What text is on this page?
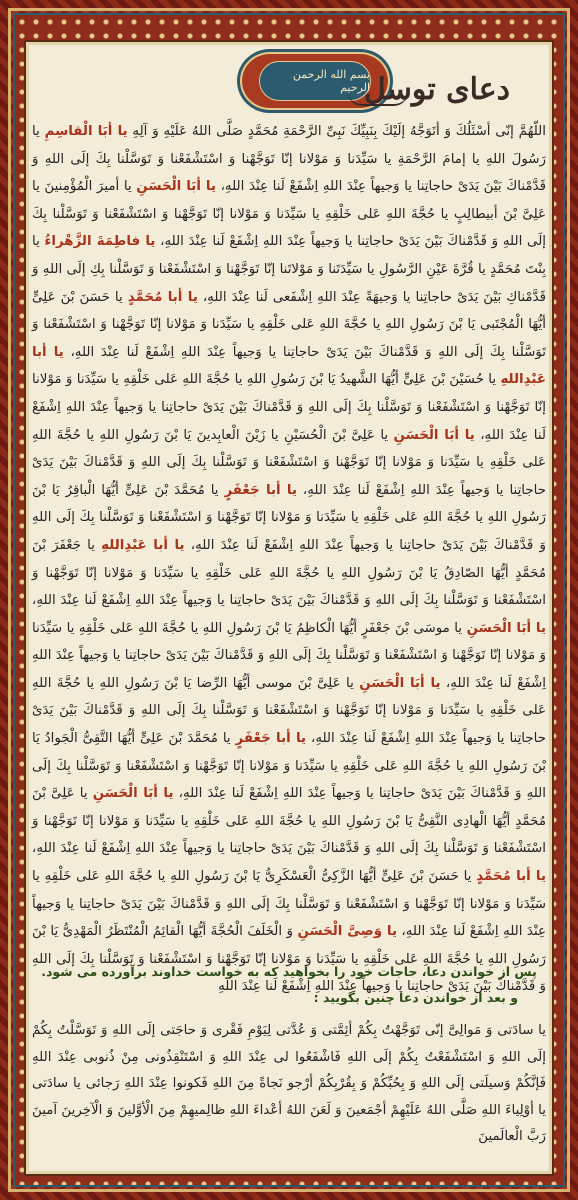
بسم الله الرحمن الرحیم
دعای توسل
اللّهُمَّ إنّی أسْئَلُكَ وَ أتَوَجَّهُ إلَیْكَ بِنَبِیِّكَ نَبِیِّ الرَّحْمَةِ مُحَمَّدٍ صَلَّی اللهُ عَلَیْهِ وَ آلِهِ یا أبَا الْقاسِمِ یا رَسُولَ اللهِ یا إمامَ الرَّحْمَةِ یا سَیِّدَنا وَ مَوْلانا إنّا تَوَجَّهْنا وَ اسْتَشْفَعْنا وَ تَوَسَّلْنا بِكَ إلَی اللهِ وَ قَدَّمْناكَ بَیْنَ یَدَیْ حاجاتِنا یا وَجیهاً عِنْدَ اللهِ اِشْفَعْ لَنا عِنْدَ اللهِ، یا أبَا الْحَسَنِ یا أمیرَ الْمُؤْمِنینَ یا عَلِیَّ بْنَ أبیطالِبٍ یا حُجَّةَ اللهِ عَلی خَلْقِهِ یا سَیِّدَنا وَ مَوْلانا إنّا تَوَجَّهْنا وَ اسْتَشْفَعْنا وَ تَوَسَّلْنا بِكَ إلَی اللهِ وَ قَدَّمْناكَ بَیْنَ یَدَیْ حاجاتِنا یا وَجیهاً عِنْدَ اللهِ اِشْفَعْ لَنا عِنْدَ اللهِ، یا فاطِمَةَ الزَّهْراءُ یا بِنْتَ مُحَمَّدٍ یا قُرَّةَ عَیْنِ الرَّسُولِ یا سَیِّدَتَنا وَ مَوْلاتَنا إنّا تَوَجَّهْنا وَ اسْتَشْفَعْنا وَ تَوَسَّلْنا بِكِ إلَی اللهِ وَ قَدَّمْناكِ بَیْنَ یَدَیْ حاجاتِنا یا وَجیهَةً عِنْدَ اللهِ اِشْفَعی لَنا عِنْدَ اللهِ، یا أبا مُحَمَّدٍ یا حَسَنَ بْنَ عَلِیٍّ أیُّهَا الْمُجْتَبی یَا بْنَ رَسُولِ اللهِ یا حُجَّةَ اللهِ عَلی خَلْقِهِ یا سَیِّدَنا وَ مَوْلانا إنّا تَوَجَّهْنا وَ اسْتَشْفَعْنا وَ تَوَسَّلْنا بِكَ إلَی اللهِ وَ قَدَّمْناكَ بَیْنَ یَدَیْ حاجاتِنا یا وَجیهاً عِنْدَ اللهِ اِشْفَعْ لَنا عِنْدَ اللهِ، یا أبا عَبْدِاللهِ یا حُسَیْنَ بْنَ عَلِیٍّ أیُّهَا الشَّهیدُ یَا بْنَ رَسُولِ اللهِ یا حُجَّةَ اللهِ عَلی خَلْقِهِ یا سَیِّدَنا وَ مَوْلانا إنّا تَوَجَّهْنا وَ اسْتَشْفَعْنا وَ تَوَسَّلْنا بِكَ إلَی اللهِ وَ قَدَّمْناكَ بَیْنَ یَدَیْ حاجاتِنا یا وَجیهاً عِنْدَ اللهِ اِشْفَعْ لَنا عِنْدَ اللهِ، یا أبَا الْحَسَنِ یا عَلِیَّ بْنَ الْحُسَیْنِ یا زَیْنَ الْعابِدینَ یَا بْنَ رَسُولِ اللهِ یا حُجَّةَ اللهِ عَلی خَلْقِهِ یا سَیِّدَنا وَ مَوْلانا إنّا تَوَجَّهْنا وَ اسْتَشْفَعْنا وَ تَوَسَّلْنا بِكَ إلَی اللهِ وَ قَدَّمْناكَ بَیْنَ یَدَیْ حاجاتِنا یا وَجیهاً عِنْدَ اللهِ اِشْفَعْ لَنا عِنْدَ اللهِ، یا أبا جَعْفَرٍ یا مُحَمَّدَ بْنَ عَلِیٍّ أیُّهَا الْباقِرُ یَا بْنَ رَسُولِ اللهِ یا حُجَّةَ اللهِ عَلی خَلْقِهِ یا سَیِّدَنا وَ مَوْلانا إنّا تَوَجَّهْنا وَ اسْتَشْفَعْنا وَ تَوَسَّلْنا بِكَ إلَی اللهِ وَ قَدَّمْناكَ بَیْنَ یَدَیْ حاجاتِنا یا وَجیهاً عِنْدَ اللهِ اِشْفَعْ لَنا عِنْدَ اللهِ، یا أبا عَبْدِاللهِ یا جَعْفَرَ بْنَ مُحَمَّدٍ أیُّهَا الصّادِقُ یَا بْنَ رَسُولِ اللهِ یا حُجَّةَ اللهِ عَلی خَلْقِهِ یا سَیِّدَنا وَ مَوْلانا إنّا تَوَجَّهْنا وَ اسْتَشْفَعْنا وَ تَوَسَّلْنا بِكَ إلَی اللهِ وَ قَدَّمْناكَ بَیْنَ یَدَیْ حاجاتِنا یا وَجیهاً عِنْدَ اللهِ اِشْفَعْ لَنا عِنْدَ اللهِ، یا أبَا الْحَسَنِ یا موسَی بْنَ جَعْفَرٍ أیُّهَا الْكاظِمُ یَا بْنَ رَسُولِ اللهِ یا حُجَّةَ اللهِ عَلی خَلْقِهِ یا سَیِّدَنا وَ مَوْلانا إنّا تَوَجَّهْنا وَ اسْتَشْفَعْنا وَ تَوَسَّلْنا بِكَ إلَی اللهِ وَ قَدَّمْناكَ بَیْنَ یَدَیْ حاجاتِنا یا وَجیهاً عِنْدَ اللهِ اِشْفَعْ لَنا عِنْدَ اللهِ، یا أبَا الْحَسَنِ یا عَلِیَّ بْنَ موسی أیُّهَا الرِّضا یَا بْنَ رَسُولِ اللهِ یا حُجَّةَ اللهِ عَلی خَلْقِهِ یا سَیِّدَنا وَ مَوْلانا إنّا تَوَجَّهْنا وَ اسْتَشْفَعْنا وَ تَوَسَّلْنا بِكَ إلَی اللهِ وَ قَدَّمْناكَ بَیْنَ یَدَیْ حاجاتِنا یا وَجیهاً عِنْدَ اللهِ اِشْفَعْ لَنا عِنْدَ اللهِ، یا أبا جَعْفَرٍ یا مُحَمَّدَ بْنَ عَلِیٍّ أیُّهَا التَّقِیُّ الْجَوادُ یَا بْنَ رَسُولِ اللهِ یا حُجَّةَ اللهِ عَلی خَلْقِهِ یا سَیِّدَنا وَ مَوْلانا إنّا تَوَجَّهْنا وَ اسْتَشْفَعْنا وَ تَوَسَّلْنا بِكَ إلَی اللهِ وَ قَدَّمْناكَ بَیْنَ یَدَیْ حاجاتِنا یا وَجیهاً عِنْدَ اللهِ اِشْفَعْ لَنا عِنْدَ اللهِ، یا أبَا الْحَسَنِ یا عَلِیَّ بْنَ مُحَمَّدٍ أیُّهَا الْهادِی النَّقِیُّ یَا بْنَ رَسُولِ اللهِ یا حُجَّةَ اللهِ عَلی خَلْقِهِ یا سَیِّدَنا وَ مَوْلانا إنّا تَوَجَّهْنا وَ اسْتَشْفَعْنا وَ تَوَسَّلْنا بِكَ إلَی اللهِ وَ قَدَّمْناكَ بَیْنَ یَدَیْ حاجاتِنا یا وَجیهاً عِنْدَ اللهِ اِشْفَعْ لَنا عِنْدَ اللهِ، یا أبا مُحَمَّدٍ یا حَسَنَ بْنَ عَلِیٍّ أیُّهَا الزَّكِیُّ الْعَسْكَرِیُّ یَا بْنَ رَسُولِ اللهِ یا حُجَّةَ اللهِ عَلی خَلْقِهِ یا سَیِّدَنا وَ مَوْلانا إنّا تَوَجَّهْنا وَ اسْتَشْفَعْنا وَ تَوَسَّلْنا بِكَ إلَی اللهِ وَ قَدَّمْناكَ بَیْنَ یَدَیْ حاجاتِنا یا وَجیهاً عِنْدَ اللهِ اِشْفَعْ لَنا عِنْدَ اللهِ، یا وَصِیَّ الْحَسَنِ وَ الْخَلَفَ الْحُجَّةَ أیُّهَا الْقائِمُ الْمُنْتَظَرُ الْمَهْدِیُّ یَا بْنَ رَسُولِ اللهِ یا حُجَّةَ اللهِ عَلی خَلْقِهِ یا سَیِّدَنا وَ مَوْلانا إنّا تَوَجَّهْنا وَ اسْتَشْفَعْنا وَ تَوَسَّلْنا بِكَ إلَی اللهِ وَ قَدَّمْناكَ بَیْنَ یَدَیْ حاجاتِنا یا وَجیهاً عِنْدَ اللهِ اِشْفَعْ لَنا عِنْدَ اللهِ
پس از خواندن دعا، حاجات خود را بخواهید که به خواست خداوند برآورده می شود.
و بعد از خواندن دعا چنین بگویید :
یا سادَتی وَ مَوالِیَّ إنّی تَوَجَّهْتُ بِكُمْ أئِمَّتی وَ عُدَّتی لِیَوْمِ فَقْری وَ حاجَتی إلَی اللهِ وَ تَوَسَّلْتُ بِكُمْ إلَی اللهِ وَ اسْتَشْفَعْتُ بِكُمْ إلَی اللهِ فَاشْفَعُوا لی عِنْدَ اللهِ وَ اسْتَنْقِذُونی مِنْ ذُنوبی عِنْدَ اللهِ فَإنَّكُمْ وَسیلَتی إلَی اللهِ وَ بِحُبِّكُمْ وَ بِقُرْبِكُمْ أرْجو نَجاةً مِنَ اللهِ فَكونوا عِنْدَ اللهِ رَجائی یا سادَتی یا أوْلِیاءَ اللهِ صَلَّی اللهُ عَلَیْهِمْ أجْمَعینَ وَ لَعَنَ اللهُ أعْداءَ اللهِ ظالِمیهِمْ مِنَ الْأوَّلینَ وَ الْآخِرینَ آمینَ رَبَّ الْعالَمینَ
